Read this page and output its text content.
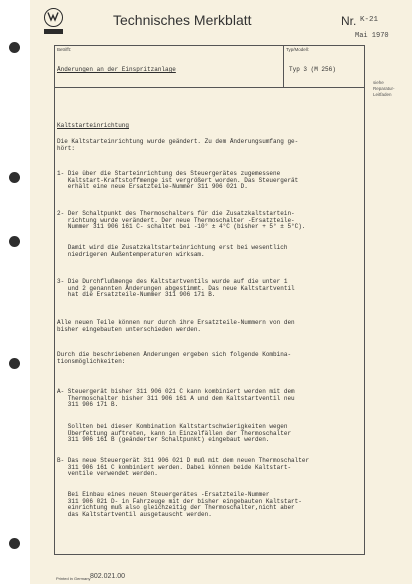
Technisches Merkblatt	Nr. K-21
Mai 1970
Betrifft:
Änderungen an der Einspritzanlage
Typ/Modell:
Typ 3 (M 256)
siehe
Reparatur-
Leitfaden
Kaltstarteinrichtung
Die Kaltstarteinrichtung wurde geändert. Zu dem Änderungsumfang ge-
hört:
1- Die über die Starteinrichtung des Steuergerätes zugemessene
Kaltstart-Kraftstoffmenge ist vergrößert worden. Das Steuergerät
erhält eine neue Ersatzteile-Nummer 311 906 021 D.
2- Der Schaltpunkt des Thermoschalters für die Zusatzkaltstartein-
richtung wurde verändert. Der neue Thermoschalter -Ersatzteile-
Nummer 311 906 161 C- schaltet bei -10° ± 4°C (bisher + 5° ± 5°C).
Damit wird die Zusatzkaltstarteinrichtung erst bei wesentlich
niedrigeren Außentemperaturen wirksam.
3- Die Durchflußmenge des Kaltstartventils wurde auf die unter 1
und 2 genannten Änderungen abgestimmt. Das neue Kaltstartventil
hat die Ersatzteile-Nummer 311 906 171 B.
Alle neuen Teile können nur durch ihre Ersatzteile-Nummern von den
bisher eingebauten unterschieden werden.
Durch die beschriebenen Änderungen ergeben sich folgende Kombina-
tionsmöglichkeiten:
A- Steuergerät bisher 311 906 021 C kann kombiniert werden mit dem
Thermoschalter bisher 311 906 161 A und dem Kaltstartventil neu
311 906 171 B.
Sollten bei dieser Kombination Kaltstartschwierigkeiten wegen
Überfettung auftreten, kann in Einzelfällen der Thermoschalter
311 906 161 B (geänderter Schaltpunkt) eingebaut werden.
B- Das neue Steuergerät 311 906 021 D muß mit dem neuen Thermoschalter
311 906 161 C kombiniert werden. Dabei können beide Kaltstart-
ventile verwendet werden.
Bei Einbau eines neuen Steuergerätes -Ersatzteile-Nummer
311 906 021 D- in Fahrzeuge mit der bisher eingebauten Kaltstart-
einrichtung muß also gleichzeitig der Thermoschalter,nicht aber
das Kaltstartventil ausgetauscht werden.
Printed in Germany 802.021.00
